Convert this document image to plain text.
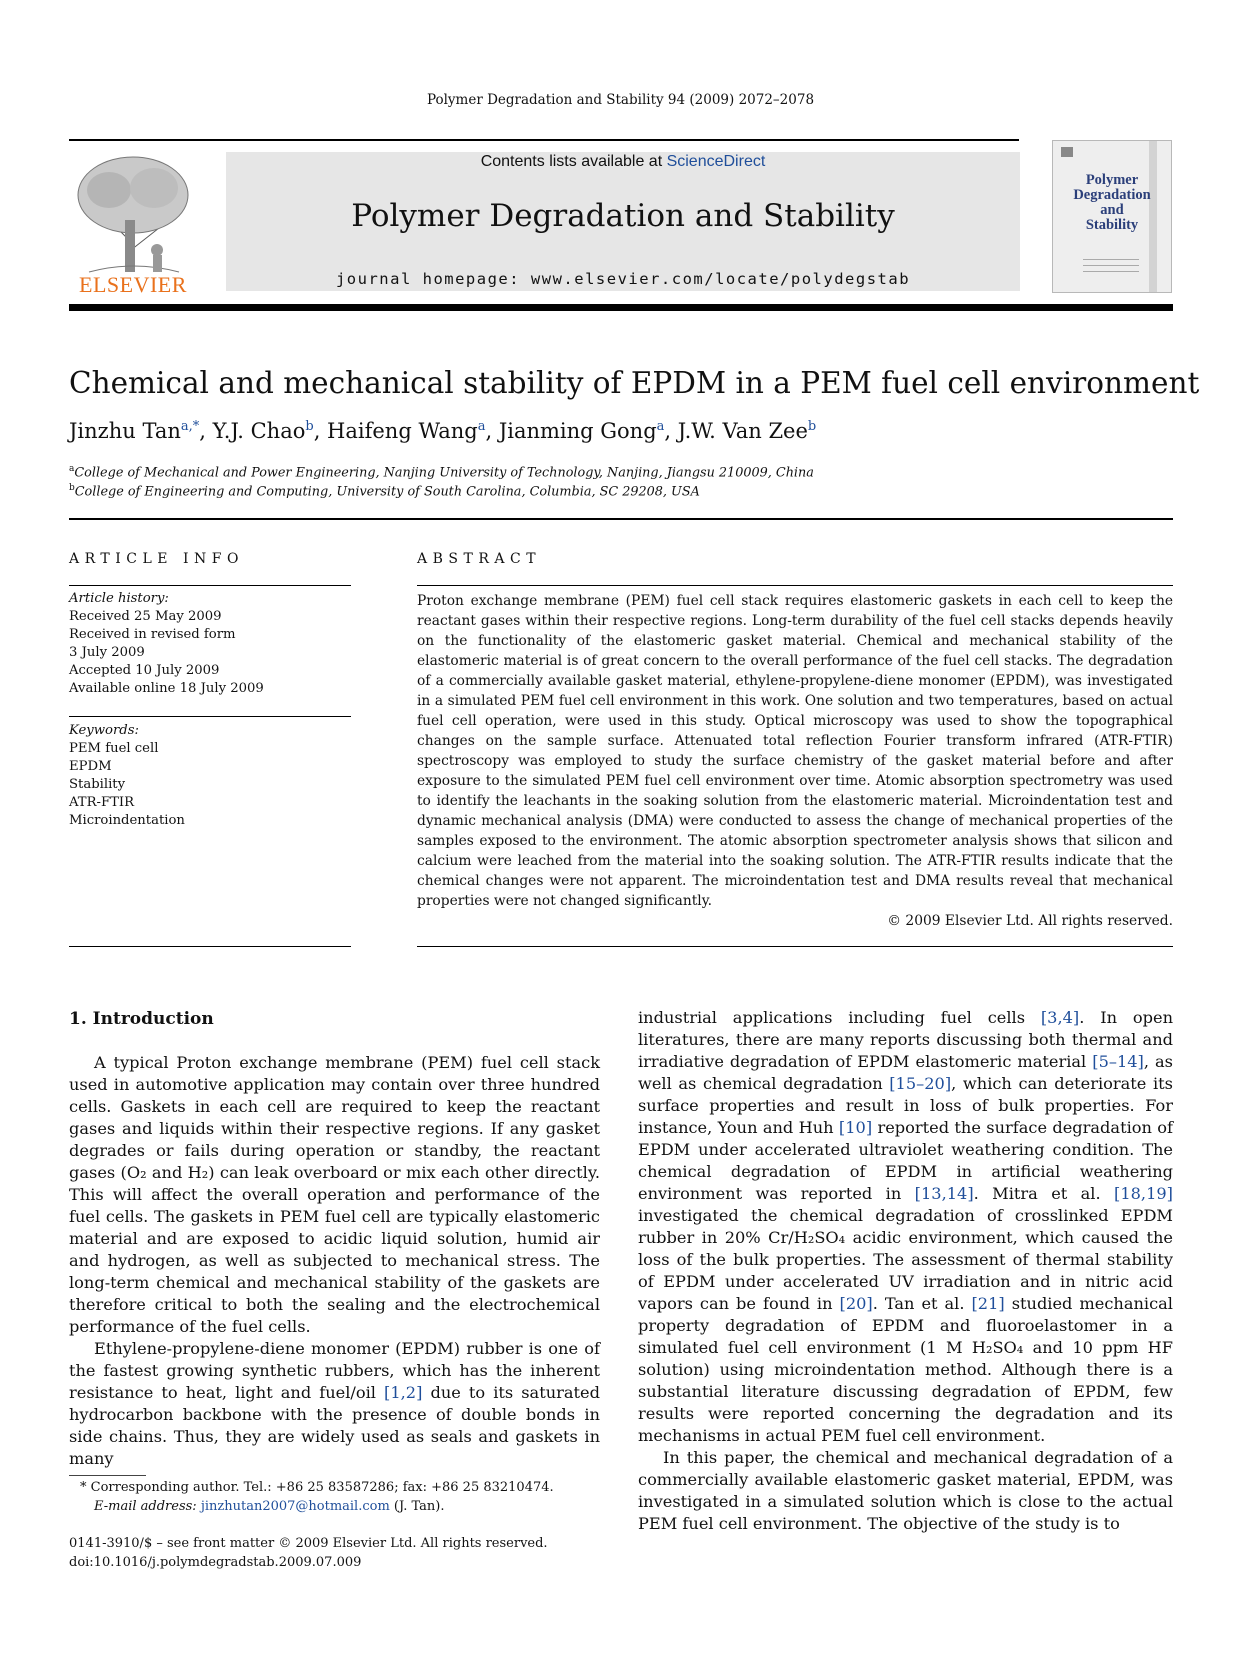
Polymer Degradation and Stability 94 (2009) 2072–2078
ELSEVIER
Contents lists available at ScienceDirect
Polymer Degradation and Stability
journal homepage: www.elsevier.com/locate/polydegstab
Polymer
Degradation
and
Stability
Chemical and mechanical stability of EPDM in a PEM fuel cell environment
Jinzhu Tan$^{a,*}$, Y.J. Chao$^b$, Haifeng Wang$^a$, Jianming Gong$^a$, J.W. Van Zee$^b$
$^a$College of Mechanical and Power Engineering, Nanjing University of Technology, Nanjing, Jiangsu 210009, China
$^b$College of Engineering and Computing, University of South Carolina, Columbia, SC 29208, USA
ARTICLE INFO
Article history:
Received 25 May 2009
Received in revised form
3 July 2009
Accepted 10 July 2009
Available online 18 July 2009
Keywords:
PEM fuel cell
EPDM
Stability
ATR-FTIR
Microindentation
ABSTRACT
Proton exchange membrane (PEM) fuel cell stack requires elastomeric gaskets in each cell to keep the reactant gases within their respective regions. Long-term durability of the fuel cell stacks depends heavily on the functionality of the elastomeric gasket material. Chemical and mechanical stability of the elastomeric material is of great concern to the overall performance of the fuel cell stacks. The degradation of a commercially available gasket material, ethylene-propylene-diene monomer (EPDM), was investigated in a simulated PEM fuel cell environment in this work. One solution and two temperatures, based on actual fuel cell operation, were used in this study. Optical microscopy was used to show the topographical changes on the sample surface. Attenuated total reflection Fourier transform infrared (ATR-FTIR) spectroscopy was employed to study the surface chemistry of the gasket material before and after exposure to the simulated PEM fuel cell environment over time. Atomic absorption spectrometry was used to identify the leachants in the soaking solution from the elastomeric material. Microindentation test and dynamic mechanical analysis (DMA) were conducted to assess the change of mechanical properties of the samples exposed to the environment. The atomic absorption spectrometer analysis shows that silicon and calcium were leached from the material into the soaking solution. The ATR-FTIR results indicate that the chemical changes were not apparent. The microindentation test and DMA results reveal that mechanical properties were not changed significantly.
© 2009 Elsevier Ltd. All rights reserved.
1. Introduction

A typical Proton exchange membrane (PEM) fuel cell stack used in automotive application may contain over three hundred cells. Gaskets in each cell are required to keep the reactant gases and liquids within their respective regions. If any gasket degrades or fails during operation or standby, the reactant gases (O₂ and H₂) can leak overboard or mix each other directly. This will affect the overall operation and performance of the fuel cells. The gaskets in PEM fuel cell are typically elastomeric material and are exposed to acidic liquid solution, humid air and hydrogen, as well as subjected to mechanical stress. The long-term chemical and mechanical stability of the gaskets are therefore critical to both the sealing and the electrochemical performance of the fuel cells.

Ethylene-propylene-diene monomer (EPDM) rubber is one of the fastest growing synthetic rubbers, which has the inherent resistance to heat, light and fuel/oil [1,2] due to its saturated hydrocarbon backbone with the presence of double bonds in side chains. Thus, they are widely used as seals and gaskets in many

industrial applications including fuel cells [3,4]. In open literatures, there are many reports discussing both thermal and irradiative degradation of EPDM elastomeric material [5–14], as well as chemical degradation [15–20], which can deteriorate its surface properties and result in loss of bulk properties. For instance, Youn and Huh [10] reported the surface degradation of EPDM under accelerated ultraviolet weathering condition. The chemical degradation of EPDM in artificial weathering environment was reported in [13,14]. Mitra et al. [18,19] investigated the chemical degradation of crosslinked EPDM rubber in 20% Cr/H₂SO₄ acidic environment, which caused the loss of the bulk properties. The assessment of thermal stability of EPDM under accelerated UV irradiation and in nitric acid vapors can be found in [20]. Tan et al. [21] studied mechanical property degradation of EPDM and fluoroelastomer in a simulated fuel cell environment (1 M H₂SO₄ and 10 ppm HF solution) using microindentation method. Although there is a substantial literature discussing degradation of EPDM, few results were reported concerning the degradation and its mechanisms in actual PEM fuel cell environment.

In this paper, the chemical and mechanical degradation of a commercially available elastomeric gasket material, EPDM, was investigated in a simulated solution which is close to the actual PEM fuel cell environment. The objective of the study is to

* Corresponding author. Tel.: +86 25 83587286; fax: +86 25 83210474.
E-mail address: jinzhutan2007@hotmail.com (J. Tan).
0141-3910/$ – see front matter © 2009 Elsevier Ltd. All rights reserved.
doi:10.1016/j.polymdegradstab.2009.07.009
